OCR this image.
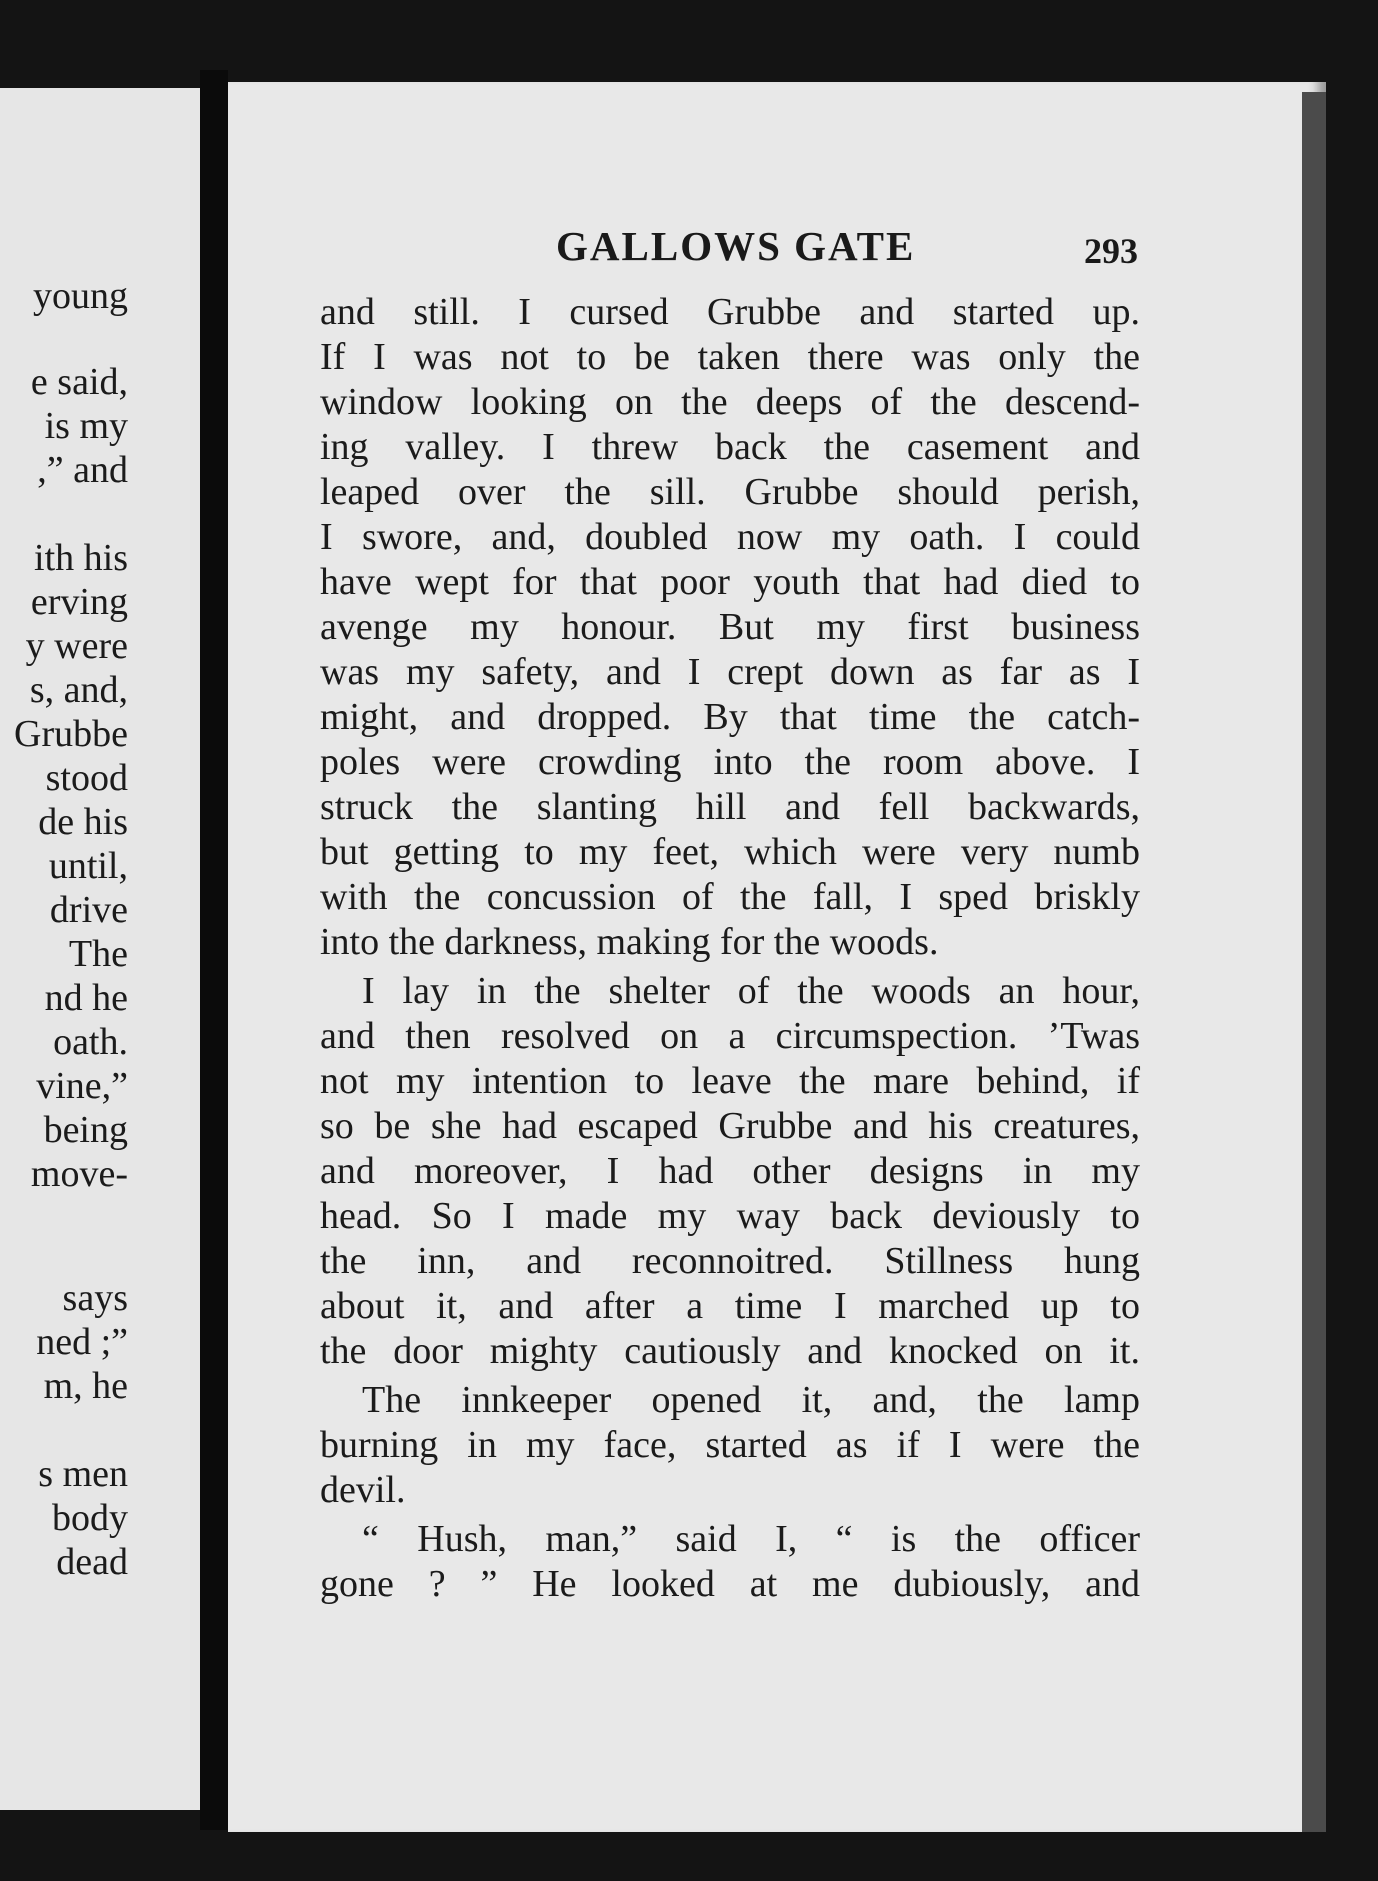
young
e said,
is my
,” and
ith his
erving
y were
s, and,
Grubbe
stood
de his
until,
drive
The
nd he
oath.
vine,”
being
move-
says
ned ;”
m, he
s men
body
dead
GALLOWS GATE	293
and still. I cursed Grubbe and started up.
If I was not to be taken there was only the
window looking on the deeps of the descend-
ing valley. I threw back the casement and
leaped over the sill. Grubbe should perish,
I swore, and, doubled now my oath. I could
have wept for that poor youth that had died to
avenge my honour. But my first business
was my safety, and I crept down as far as I
might, and dropped. By that time the catch-
poles were crowding into the room above. I
struck the slanting hill and fell backwards,
but getting to my feet, which were very numb
with the concussion of the fall, I sped briskly
into the darkness, making for the woods.
I lay in the shelter of the woods an hour,
and then resolved on a circumspection. ’Twas
not my intention to leave the mare behind, if
so be she had escaped Grubbe and his creatures,
and moreover, I had other designs in my
head. So I made my way back deviously to
the inn, and reconnoitred. Stillness hung
about it, and after a time I marched up to
the door mighty cautiously and knocked on it.
The innkeeper opened it, and, the lamp
burning in my face, started as if I were the
devil.
“ Hush, man,” said I, “ is the officer
gone ? ” He looked at me dubiously, and
